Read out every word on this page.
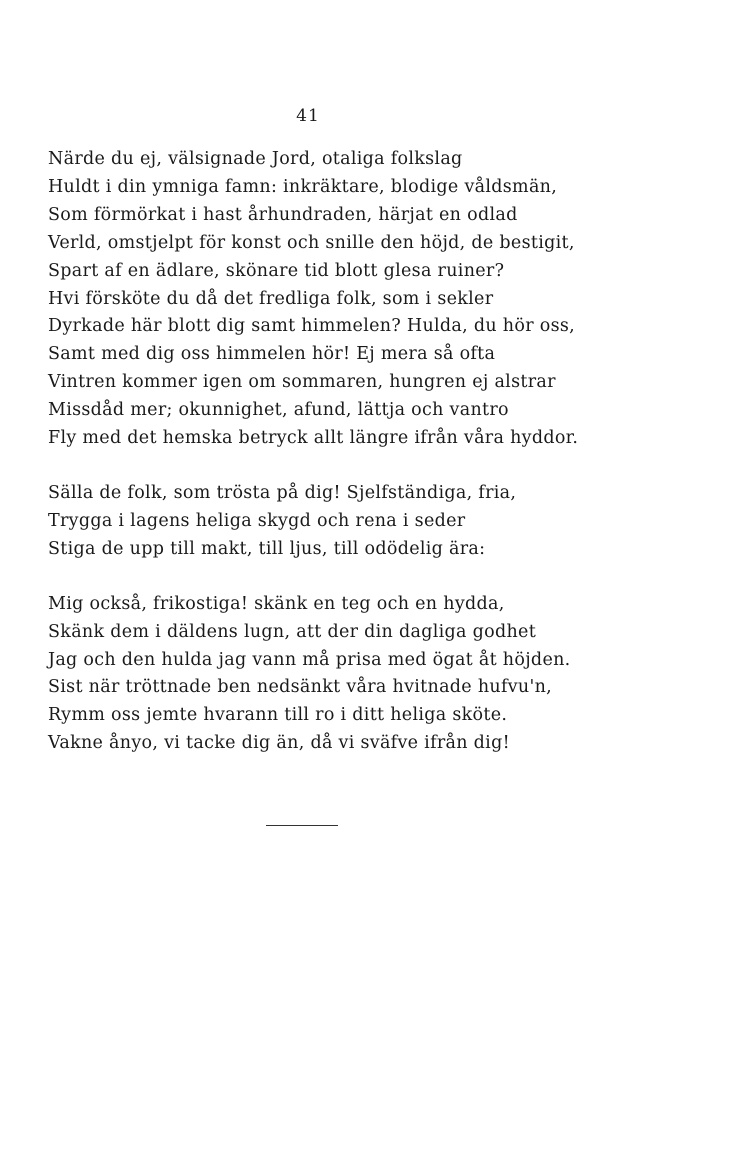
41
Närde du ej, välsignade Jord, otaliga folkslag
Huldt i din ymniga famn: inkräktare, blodige våldsmän,
Som förmörkat i hast århundraden, härjat en odlad
Verld, omstjelpt för konst och snille den höjd, de bestigit,
Spart af en ädlare, skönare tid blott glesa ruiner?
Hvi försköte du då det fredliga folk, som i sekler
Dyrkade här blott dig samt himmelen? Hulda, du hör oss,
Samt med dig oss himmelen hör! Ej mera så ofta
Vintren kommer igen om sommaren, hungren ej alstrar
Missdåd mer; okunnighet, afund, lättja och vantro
Fly med det hemska betryck allt längre ifrån våra hyddor.
Sälla de folk, som trösta på dig! Sjelfständiga, fria,
Trygga i lagens heliga skygd och rena i seder
Stiga de upp till makt, till ljus, till odödelig ära:
Mig också, frikostiga! skänk en teg och en hydda,
Skänk dem i däldens lugn, att der din dagliga godhet
Jag och den hulda jag vann må prisa med ögat åt höjden.
Sist när tröttnade ben nedsänkt våra hvitnade hufvu'n,
Rymm oss jemte hvarann till ro i ditt heliga sköte.
Vakne ånyo, vi tacke dig än, då vi sväfve ifrån dig!
